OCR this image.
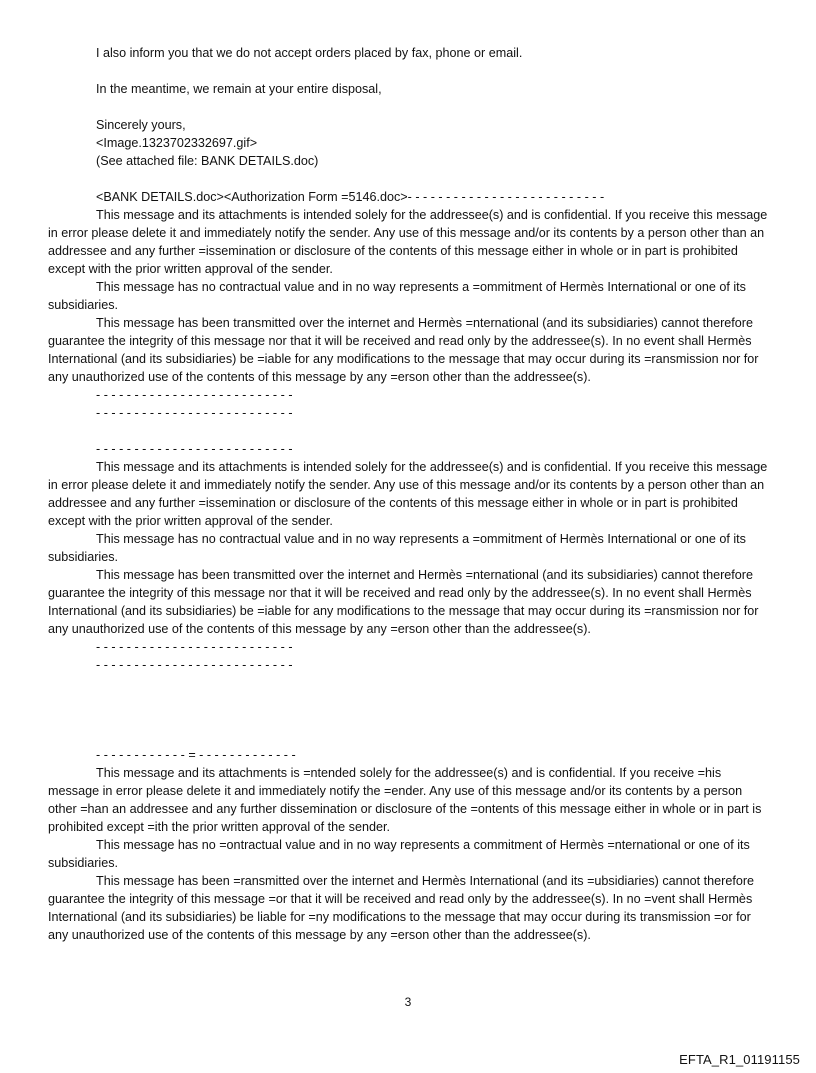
I also inform you that we do not accept orders placed by fax, phone or email.
In the meantime, we remain at your entire disposal,
Sincerely yours,
<Image.1323702332697.gif>
(See attached file: BANK DETAILS.doc)
<BANK DETAILS.doc><Authorization Form =5146.doc>- - - - - - - - - - - - - - - - - - - - - - - - - -
This message and its attachments is intended solely for the addressee(s) and is confidential. If you receive this message in error please delete it and immediately notify the sender. Any use of this message and/or its contents by a person other than an addressee and any further =issemination or disclosure of the contents of this message either in whole or in part is prohibited except with the prior written approval of the sender.
This message has no contractual value and in no way represents a =ommitment of Hermès International or one of its subsidiaries.
This message has been transmitted over the internet and Hermès =nternational (and its subsidiaries) cannot therefore guarantee the integrity of this message nor that it will be received and read only by the addressee(s). In no event shall Hermès International (and its subsidiaries) be =iable for any modifications to the message that may occur during its =ransmission nor for any unauthorized use of the contents of this message by any =erson other than the addressee(s).
- - - - - - - - - - - - - - - - - - - - - - - - - -
- - - - - - - - - - - - - - - - - - - - - - - - - -
- - - - - - - - - - - - - - - - - - - - - - - - - -
This message and its attachments is intended solely for the addressee(s) and is confidential. If you receive this message in error please delete it and immediately notify the sender. Any use of this message and/or its contents by a person other than an addressee and any further =issemination or disclosure of the contents of this message either in whole or in part is prohibited except with the prior written approval of the sender.
This message has no contractual value and in no way represents a =ommitment of Hermès International or one of its subsidiaries.
This message has been transmitted over the internet and Hermès =nternational (and its subsidiaries) cannot therefore guarantee the integrity of this message nor that it will be received and read only by the addressee(s). In no event shall Hermès International (and its subsidiaries) be =iable for any modifications to the message that may occur during its =ransmission nor for any unauthorized use of the contents of this message by any =erson other than the addressee(s).
- - - - - - - - - - - - - - - - - - - - - - - - - -
- - - - - - - - - - - - - - - - - - - - - - - - - -
- - - - - - - - - - - - = - - - - - - - - - - - - -
This message and its attachments is =ntended solely for the addressee(s) and is confidential. If you receive =his message in error please delete it and immediately notify the =ender. Any use of this message and/or its contents by a person other =han an addressee and any further dissemination or disclosure of the =ontents of this message either in whole or in part is prohibited except =ith the prior written approval of the sender.
This message has no =ontractual value and in no way represents a commitment of Hermès =nternational or one of its subsidiaries.
This message has been =ransmitted over the internet and Hermès International (and its =ubsidiaries) cannot therefore guarantee the integrity of this message =or that it will be received and read only by the addressee(s). In no =vent shall Hermès International (and its subsidiaries) be liable for =ny modifications to the message that may occur during its transmission =or for any unauthorized use of the contents of this message by any =erson other than the addressee(s).
3
EFTA_R1_01191155
